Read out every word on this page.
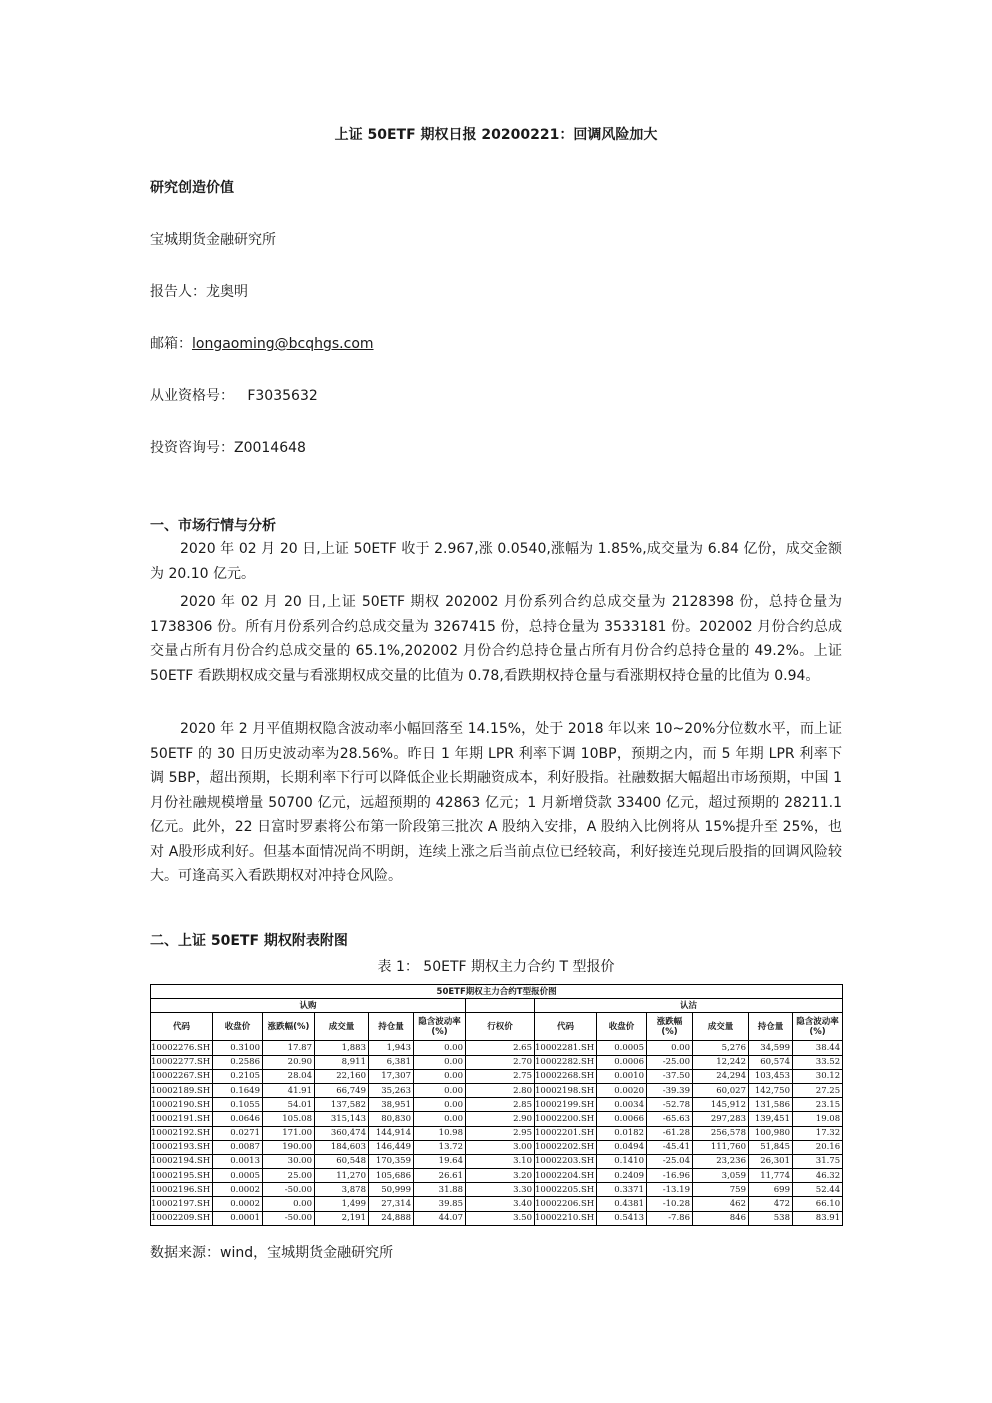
上证 50ETF 期权日报 20200221：回调风险加大
研究创造价值
宝城期货金融研究所
报告人：龙奥明
邮箱：longaoming@bcqhgs.com
从业资格号：   F3035632
投资咨询号：Z0014648
一、市场行情与分析

2020 年 02 月 20 日,上证 50ETF 收于 2.967,涨 0.0540,涨幅为 1.85%,成交量为 6.84 亿份，成交金额为 20.10 亿元。

2020 年 02 月 20 日,上证 50ETF 期权 202002 月份系列合约总成交量为 2128398 份，总持仓量为 1738306 份。所有月份系列合约总成交量为 3267415 份，总持仓量为 3533181 份。202002 月份合约总成交量占所有月份合约总成交量的 65.1%,202002 月份合约总持仓量占所有月份合约总持仓量的 49.2%。上证 50ETF 看跌期权成交量与看涨期权成交量的比值为 0.78,看跌期权持仓量与看涨期权持仓量的比值为 0.94。

2020 年 2 月平值期权隐含波动率小幅回落至 14.15%，处于 2018 年以来 10~20%分位数水平，而上证 50ETF 的 30 日历史波动率为28.56%。昨日 1 年期 LPR 利率下调 10BP，预期之内，而 5 年期 LPR 利率下调 5BP，超出预期，长期利率下行可以降低企业长期融资成本，利好股指。社融数据大幅超出市场预期，中国 1 月份社融规模增量 50700 亿元，远超预期的 42863 亿元；1 月新增贷款 33400 亿元，超过预期的 28211.1 亿元。此外，22 日富时罗素将公布第一阶段第三批次 A 股纳入安排，A 股纳入比例将从 15%提升至 25%，也对 A股形成利好。但基本面情况尚不明朗，连续上涨之后当前点位已经较高，利好接连兑现后股指的回调风险较大。可逢高买入看跌期权对冲持仓风险。

二、上证 50ETF 期权附表附图
表 1： 50ETF 期权主力合约 T 型报价
50ETF期权主力合约T型报价图												
认购							认沽					
代码	收盘价	涨跌幅(%)	成交量	持仓量	隐含波动率(%)	行权价	代码	收盘价	涨跌幅(%)	成交量	持仓量	隐含波动率(%)
10002276.SH	0.3100	17.87	1,883	1,943	0.00	2.65	10002281.SH	0.0005	0.00	5,276	34,599	38.44
10002277.SH	0.2586	20.90	8,911	6,381	0.00	2.70	10002282.SH	0.0006	-25.00	12,242	60,574	33.52
10002267.SH	0.2105	28.04	22,160	17,307	0.00	2.75	10002268.SH	0.0010	-37.50	24,294	103,453	30.12
10002189.SH	0.1649	41.91	66,749	35,263	0.00	2.80	10002198.SH	0.0020	-39.39	60,027	142,750	27.25
10002190.SH	0.1055	54.01	137,582	38,951	0.00	2.85	10002199.SH	0.0034	-52.78	145,912	131,586	23.15
10002191.SH	0.0646	105.08	315,143	80,830	0.00	2.90	10002200.SH	0.0066	-65.63	297,283	139,451	19.08
10002192.SH	0.0271	171.00	360,474	144,914	10.98	2.95	10002201.SH	0.0182	-61.28	256,578	100,980	17.32
10002193.SH	0.0087	190.00	184,603	146,449	13.72	3.00	10002202.SH	0.0494	-45.41	111,760	51,845	20.16
10002194.SH	0.0013	30.00	60,548	170,359	19.64	3.10	10002203.SH	0.1410	-25.04	23,236	26,301	31.75
10002195.SH	0.0005	25.00	11,270	105,686	26.61	3.20	10002204.SH	0.2409	-16.96	3,059	11,774	46.32
10002196.SH	0.0002	-50.00	3,878	50,999	31.88	3.30	10002205.SH	0.3371	-13.19	759	699	52.44
10002197.SH	0.0002	0.00	1,499	27,314	39.85	3.40	10002206.SH	0.4381	-10.28	462	472	66.10
10002209.SH	0.0001	-50.00	2,191	24,888	44.07	3.50	10002210.SH	0.5413	-7.86	846	538	83.91
数据来源：wind，宝城期货金融研究所
